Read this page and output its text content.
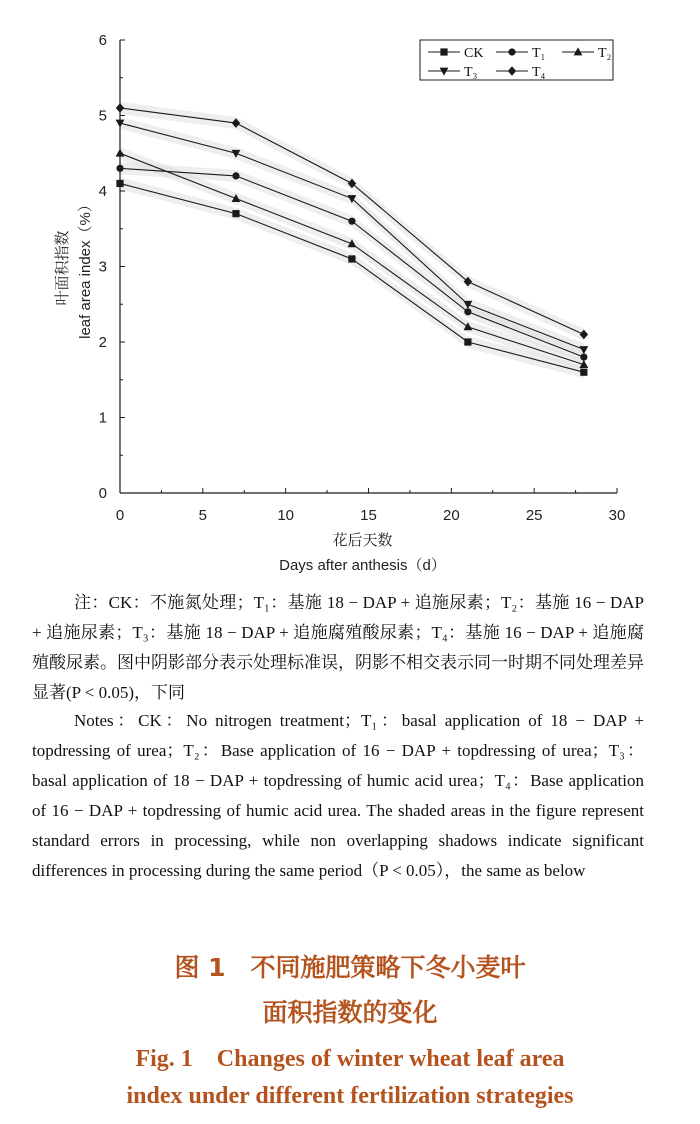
0
1
2
3
4
5
6
0	5	10	15	20	25	30
CK	T₁	T₂
T₃	T₄
花后天数
Days after anthesis（d）
叶面积指数 leaf area index（%）

注：CK：不施氮处理；T₁：基施 18 − DAP + 追施尿素；T₂：基施 16 − DAP + 追施尿素；T₃：基施 18 − DAP + 追施腐殖酸尿素；T₄：基施 16 − DAP + 追施腐殖酸尿素。图中阴影部分表示处理标准误，阴影不相交表示同一时期不同处理差异显著(P < 0.05)，下同

Notes：CK：No nitrogen treatment；T₁：basal application of 18 − DAP + topdressing of urea；T₂：Base application of 16 − DAP + topdressing of urea；T₃：basal application of 18 − DAP + topdressing of humic acid urea；T₄：Base application of 16 − DAP + topdressing of humic acid urea. The shaded areas in the figure represent standard errors in processing, while non overlapping shadows indicate significant differences in processing during the same period（P < 0.05），the same as below

图 1　不同施肥策略下冬小麦叶
面积指数的变化
Fig. 1　Changes of winter wheat leaf area
index under different fertilization strategies
